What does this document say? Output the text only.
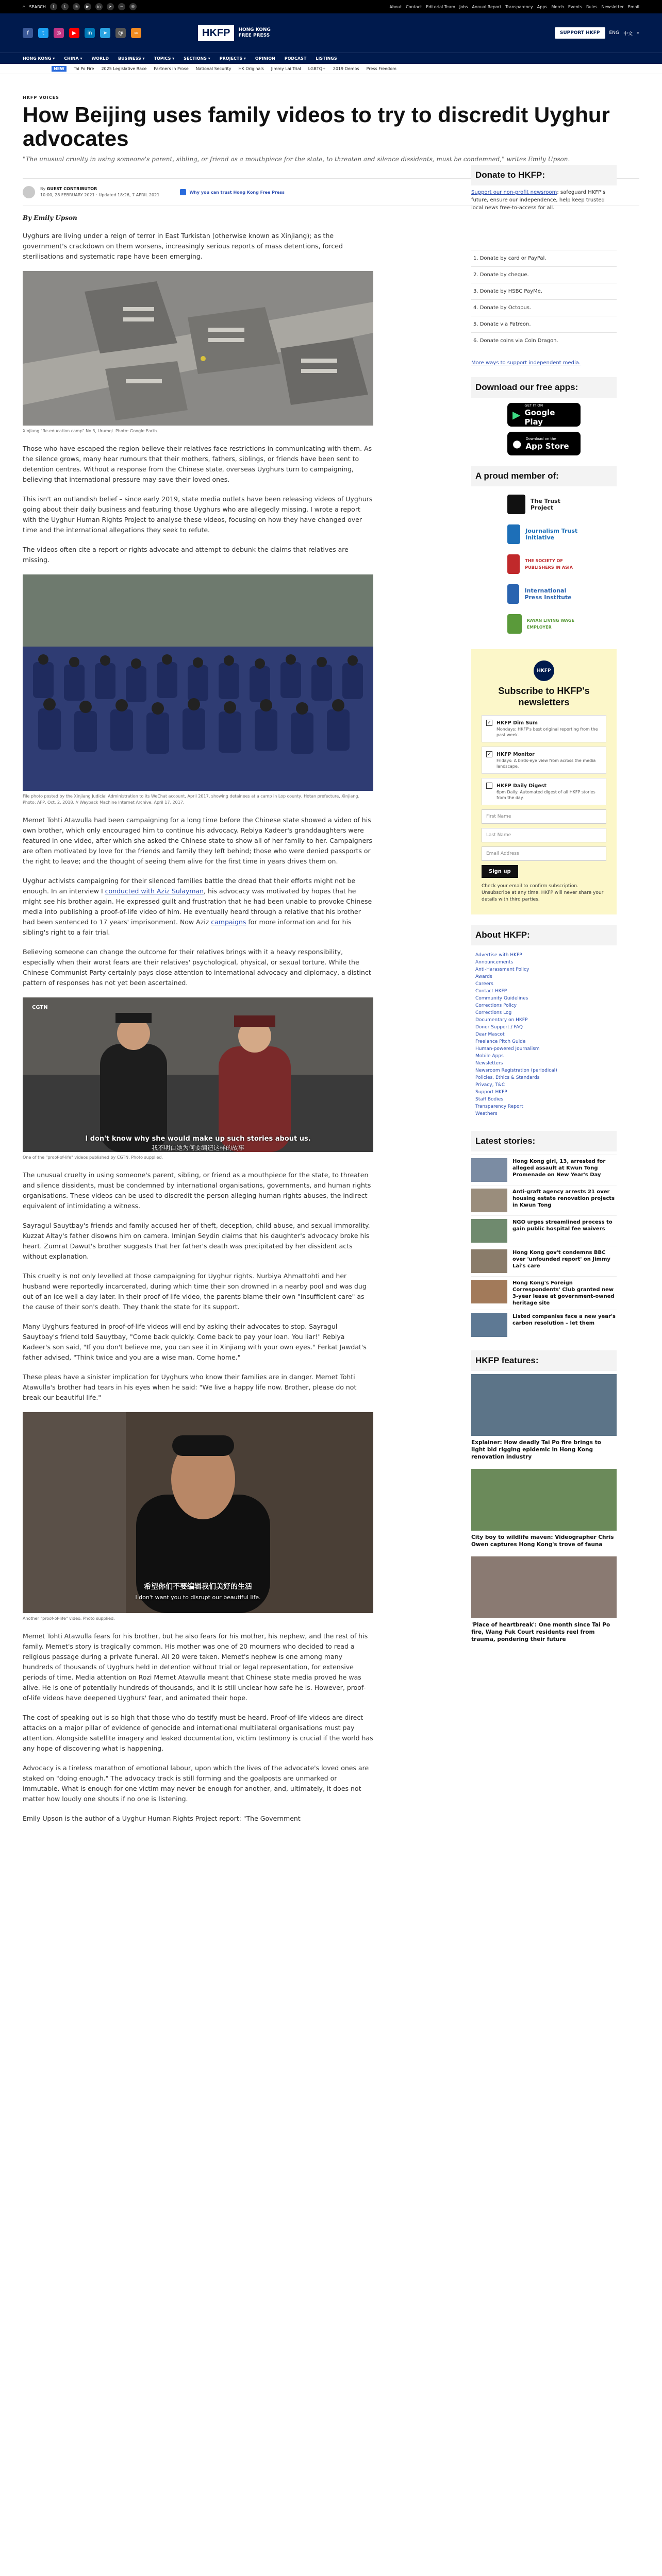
⌕ SEARCH	f	t	◎	▶	in	➤	≈	✉	About Contact Editorial Team Jobs Annual Report Transparency Apps Merch Events Rules Newsletter Email
f	t	◎	▶	in	➤	@	≈	HKFP	HONG KONG
FREE PRESS	SUPPORT HKFP	ENG 中文 ⌕
HONG KONG ▾ CHINA ▾ WORLD BUSINESS ▾ TOPICS ▾ SECTIONS ▾ PROJECTS ▾ OPINION PODCAST LISTINGS
NEW	Tai Po Fire 2025 Legislative Race Partners in Prose National Security HK Originals Jimmy Lai Trial LGBTQ+ 2019 Demos Press Freedom
HKFP VOICES
How Beijing uses family videos to try to discredit Uyghur advocates
"The unusual cruelty in using someone's parent, sibling, or friend as a mouthpiece for the state, to threaten and silence dissidents, must be condemned," writes Emily Upson.
By GUEST CONTRIBUTOR
10:00, 28 FEBRUARY 2021 · Updated 18:26, 7 APRIL 2021
Why you can trust Hong Kong Free Press
By Emily Upson

Uyghurs are living under a reign of terror in East Turkistan (otherwise known as Xinjiang); as the government's crackdown on them worsens, increasingly serious reports of mass detentions, forced sterilisations and systematic rape have been emerging.

Xinjiang "Re-education camp" No.3, Urumqi. Photo: Google Earth.

Those who have escaped the region believe their relatives face restrictions in communicating with them. As the silence grows, many hear rumours that their mothers, fathers, siblings, or friends have been sent to detention centres. Without a response from the Chinese state, overseas Uyghurs turn to campaigning, believing that international pressure may save their loved ones.

This isn't an outlandish belief – since early 2019, state media outlets have been releasing videos of Uyghurs going about their daily business and featuring those Uyghurs who are allegedly missing. I wrote a report with the Uyghur Human Rights Project to analyse these videos, focusing on how they have changed over time and the international allegations they seek to refute.

The videos often cite a report or rights advocate and attempt to debunk the claims that relatives are missing.

File photo posted by the Xinjiang Judicial Administration to its WeChat account, April 2017, showing detainees at a camp in Lop county, Hotan prefecture, Xinjiang. Photo: AFP, Oct. 2, 2018. // Wayback Machine Internet Archive, April 17, 2017.

Memet Tohti Atawulla had been campaigning for a long time before the Chinese state showed a video of his own brother, which only encouraged him to continue his advocacy. Rebiya Kadeer's granddaughters were featured in one video, after which she asked the Chinese state to show all of her family to her. Campaigners are often motivated by love for the friends and family they left behind; those who were denied passports or the right to leave; and the thought of seeing them alive for the first time in years drives them on.

Uyghur activists campaigning for their silenced families battle the dread that their efforts might not be enough. In an interview I conducted with Aziz Sulayman, his advocacy was motivated by hopes that he might see his brother again. He expressed guilt and frustration that he had been unable to provoke Chinese media into publishing a proof-of-life video of him. He eventually heard through a relative that his brother had been sentenced to 17 years' imprisonment. Now Aziz campaigns for more information and for his sibling's right to a fair trial.

Believing someone can change the outcome for their relatives brings with it a heavy responsibility, especially when their worst fears are their relatives' psychological, physical, or sexual torture. While the Chinese Communist Party certainly pays close attention to international advocacy and diplomacy, a distinct pattern of responses has not yet been ascertained.

CGTN
I don't know why she would make up such stories about us.
我不明白她为何要编造这样的故事
One of the "proof-of-life" videos published by CGTN. Photo supplied.

The unusual cruelty in using someone's parent, sibling, or friend as a mouthpiece for the state, to threaten and silence dissidents, must be condemned by international organisations, governments, and human rights organisations. These videos can be used to discredit the person alleging human rights abuses, the indirect equivalent of intimidating a witness.

Sayragul Sauytbay's friends and family accused her of theft, deception, child abuse, and sexual immorality. Kuzzat Altay's father disowns him on camera. Iminjan Seydin claims that his daughter's advocacy broke his heart. Zumrat Dawut's brother suggests that her father's death was precipitated by her dissident acts without explanation.

This cruelty is not only levelled at those campaigning for Uyghur rights. Nurbiya Ahmattohti and her husband were reportedly incarcerated, during which time their son drowned in a nearby pool and was dug out of an ice well a day later. In their proof-of-life video, the parents blame their own "insufficient care" as the cause of their son's death. They thank the state for its support.

Many Uyghurs featured in proof-of-life videos will end by asking their advocates to stop. Sayragul Sauytbay's friend told Sauytbay, "Come back quickly. Come back to pay your loan. You liar!" Rebiya Kadeer's son said, "If you don't believe me, you can see it in Xinjiang with your own eyes." Ferkat Jawdat's father advised, "Think twice and you are a wise man. Come home."

These pleas have a sinister implication for Uyghurs who know their families are in danger. Memet Tohti Atawulla's brother had tears in his eyes when he said: "We live a happy life now. Brother, please do not break our beautiful life."

希望你们不要编辑我们美好的生活
I don't want you to disrupt our beautiful life.
Another "proof-of-life" video. Photo supplied.

Memet Tohti Atawulla fears for his brother, but he also fears for his mother, his nephew, and the rest of his family. Memet's story is tragically common. His mother was one of 20 mourners who decided to read a religious passage during a private funeral. All 20 were taken. Memet's nephew is one among many hundreds of thousands of Uyghurs held in detention without trial or legal representation, for extensive periods of time. Media attention on Rozi Memet Atawulla meant that Chinese state media proved he was alive. He is one of potentially hundreds of thousands, and it is still unclear how safe he is. However, proof-of-life videos have deepened Uyghurs' fear, and animated their hope.

The cost of speaking out is so high that those who do testify must be heard. Proof-of-life videos are direct attacks on a major pillar of evidence of genocide and international multilateral organisations must pay attention. Alongside satellite imagery and leaked documentation, victim testimony is crucial if the world has any hope of discovering what is happening.

Advocacy is a tireless marathon of emotional labour, upon which the lives of the advocate's loved ones are staked on "doing enough." The advocacy track is still forming and the goalposts are unmarked or immutable. What is enough for one victim may never be enough for another, and, ultimately, it does not matter how loudly one shouts if no one is listening.

Emily Upson is the author of a Uyghur Human Rights Project report: "The Government

Donate to HKFP:
Support our non-profit newsroom: safeguard HKFP's future, ensure our independence, help keep trusted local news free-to-access for all.
1. Donate by card or PayPal.
2. Donate by cheque.
3. Donate by HSBC PayMe.
4. Donate by Octopus.
5. Donate via Patreon.
6. Donate coins via Coin Dragon.
More ways to support independent media.
Download our free apps:
▶
GET IT ON
Google Play
● Download on the
App Store
A proud member of:
The Trust Project
Journalism Trust Initiative
THE SOCIETY OF PUBLISHERS IN ASIA
International Press Institute
RAYAN LIVING WAGE EMPLOYER
HKFP
Subscribe to HKFP's newsletters
✓ HKFP Dim Sum
Mondays: HKFP's best original reporting from the past week.
✓ HKFP Monitor
Fridays: A birds-eye view from across the media landscape.
HKFP Daily Digest
6pm Daily: Automated digest of all HKFP stories from the day.
First Name
Last Name
Email Address
Sign up
Check your email to confirm subscription. Unsubscribe at any time. HKFP will never share your details with third parties.
About HKFP:
Advertise with HKFP
Announcements
Anti-Harassment Policy
Awards
Careers
Contact HKFP
Community Guidelines
Corrections Policy
Corrections Log
Documentary on HKFP
Donor Support / FAQ
Dear Mascot
Freelance Pitch Guide
Human-powered Journalism
Mobile Apps
Newsletters
Newsroom Registration (periodical)
Policies, Ethics & Standards
Privacy, T&C
Support HKFP
Staff Bodies
Transparency Report
Weathers
Latest stories:
Hong Kong girl, 13, arrested for alleged assault at Kwun Tong Promenade on New Year's Day
Anti-graft agency arrests 21 over housing estate renovation projects in Kwun Tong
NGO urges streamlined process to gain public hospital fee waivers
Hong Kong gov't condemns BBC over 'unfounded report' on Jimmy Lai's care
Hong Kong's Foreign Correspondents' Club granted new 3-year lease at government-owned heritage site
Listed companies face a new year's carbon resolution – let them
HKFP features:
Explainer: How deadly Tai Po fire brings to light bid rigging epidemic in Hong Kong renovation industry
City boy to wildlife maven: Videographer Chris Owen captures Hong Kong's trove of fauna
'Place of heartbreak': One month since Tai Po fire, Wang Fuk Court residents reel from trauma, pondering their future
